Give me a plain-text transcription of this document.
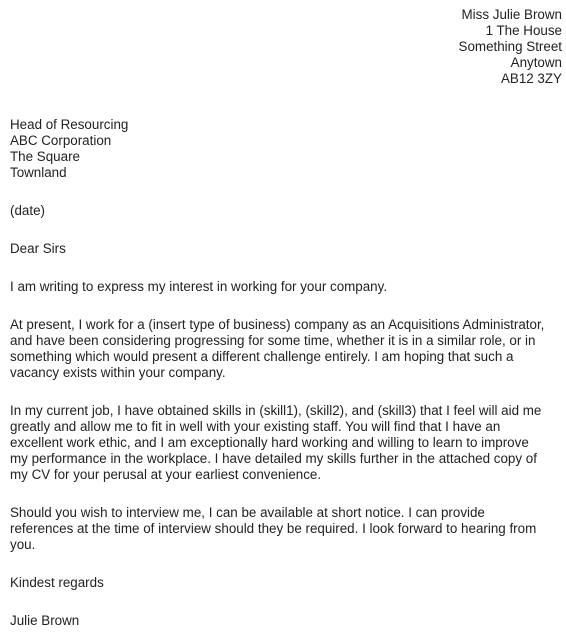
Miss Julie Brown
1 The House
Something Street
Anytown
AB12 3ZY
Head of Resourcing
ABC Corporation
The Square
Townland
(date)
Dear Sirs
I am writing to express my interest in working for your company.
At present, I work for a (insert type of business) company as an Acquisitions Administrator,
and have been considering progressing for some time, whether it is in a similar role, or in
something which would present a different challenge entirely. I am hoping that such a
vacancy exists within your company.
In my current job, I have obtained skills in (skill1), (skill2), and (skill3) that I feel will aid me
greatly and allow me to fit in well with your existing staff. You will find that I have an
excellent work ethic, and I am exceptionally hard working and willing to learn to improve
my performance in the workplace. I have detailed my skills further in the attached copy of
my CV for your perusal at your earliest convenience.
Should you wish to interview me, I can be available at short notice. I can provide
references at the time of interview should they be required. I look forward to hearing from
you.
Kindest regards
Julie Brown
